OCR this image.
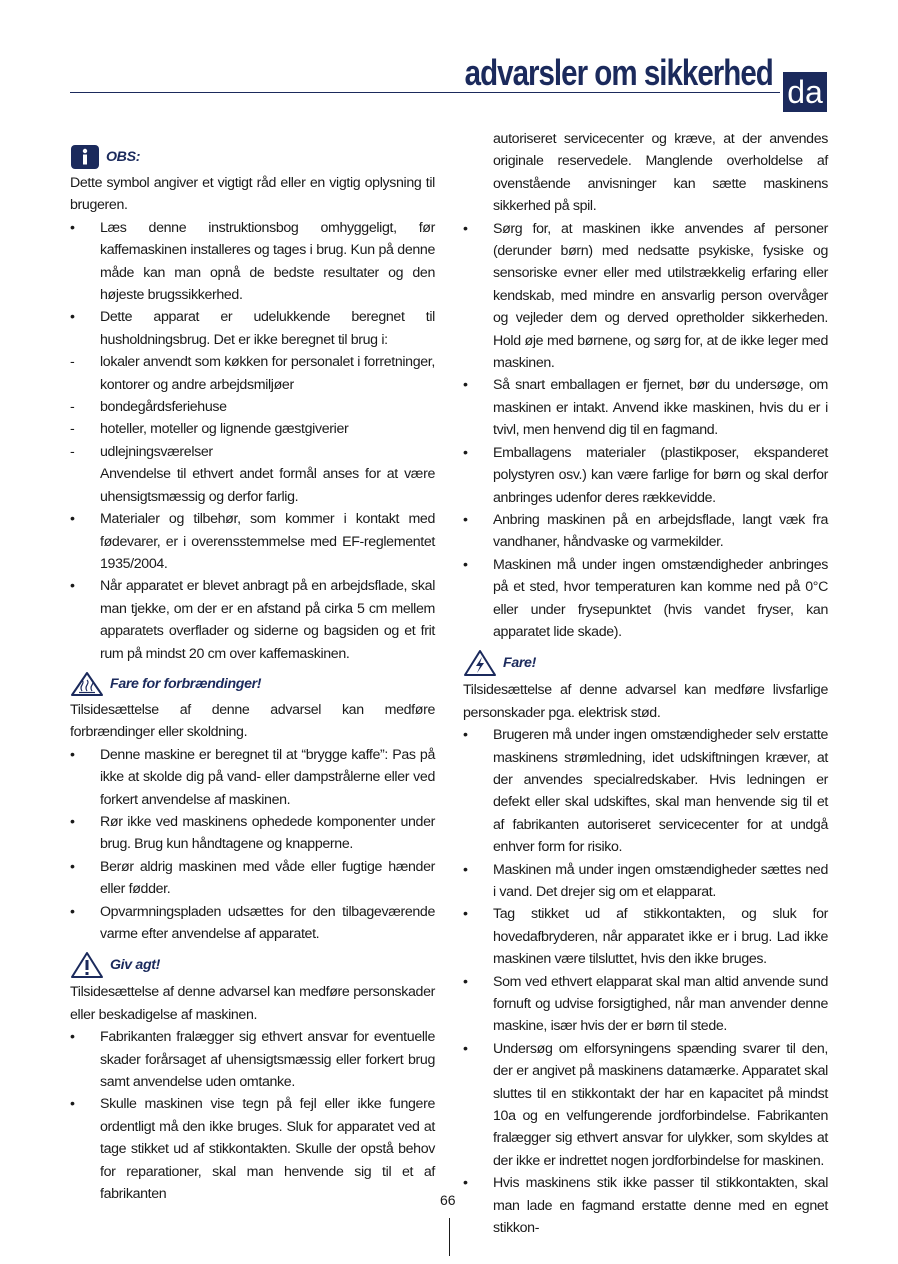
advarsler om sikkerhed da
OBS:

Dette symbol angiver et vigtigt råd eller en vigtig oplysning til brugeren.

•	Læs denne instruktionsbog omhyggeligt, før kaffemaskinen installeres og tages i brug. Kun på denne måde kan man opnå de bedste resultater og den højeste brugssikkerhed.
•	Dette apparat er udelukkende beregnet til husholdningsbrug. Det er ikke beregnet til brug i:
-	lokaler anvendt som køkken for personalet i forretninger, kontorer og andre arbejdsmiljøer
-	bondegårdsferiehuse
-	hoteller, moteller og lignende gæstgiverier
-	udlejningsværelser
Anvendelse til ethvert andet formål anses for at være uhensigtsmæssig og derfor farlig.
•	Materialer og tilbehør, som kommer i kontakt med fødevarer, er i overensstemmelse med EF-reglementet 1935/2004.
•	Når apparatet er blevet anbragt på en arbejdsflade, skal man tjekke, om der er en afstand på cirka 5 cm mellem apparatets overflader og siderne og bagsiden og et frit rum på mindst 20 cm over kaffemaskinen.
Fare for forbrændinger!

Tilsidesættelse af denne advarsel kan medføre forbrændinger eller skoldning.

•	Denne maskine er beregnet til at “brygge kaffe”: Pas på ikke at skolde dig på vand- eller dampstrålerne eller ved forkert anvendelse af maskinen.
•	Rør ikke ved maskinens ophedede komponenter under brug. Brug kun håndtagene og knapperne.
•	Berør aldrig maskinen med våde eller fugtige hænder eller fødder.
•	Opvarmningspladen udsættes for den tilbageværende varme efter anvendelse af apparatet.
Giv agt!

Tilsidesættelse af denne advarsel kan medføre personskader eller beskadigelse af maskinen.

•	Fabrikanten fralægger sig ethvert ansvar for eventuelle skader forårsaget af uhensigtsmæssig eller forkert brug samt anvendelse uden omtanke.
•	Skulle maskinen vise tegn på fejl eller ikke fungere ordentligt må den ikke bruges. Sluk for apparatet ved at tage stikket ud af stikkontakten. Skulle der opstå behov for reparationer, skal man henvende sig til et af fabrikanten

autoriseret servicecenter og kræve, at der anvendes originale reservedele. Manglende overholdelse af ovenstående anvisninger kan sætte maskinens sikkerhed på spil.

•	Sørg for, at maskinen ikke anvendes af personer (derunder børn) med nedsatte psykiske, fysiske og sensoriske evner eller med utilstrækkelig erfaring eller kendskab, med mindre en ansvarlig person overvåger og vejleder dem og derved opretholder sikkerheden. Hold øje med børnene, og sørg for, at de ikke leger med maskinen.
•	Så snart emballagen er fjernet, bør du undersøge, om maskinen er intakt. Anvend ikke maskinen, hvis du er i tvivl, men henvend dig til en fagmand.
•	Emballagens materialer (plastikposer, ekspanderet polystyren osv.) kan være farlige for børn og skal derfor anbringes udenfor deres rækkevidde.
•	Anbring maskinen på en arbejdsflade, langt væk fra vandhaner, håndvaske og varmekilder.
•	Maskinen må under ingen omstændigheder anbringes på et sted, hvor temperaturen kan komme ned på 0°C eller under frysepunktet (hvis vandet fryser, kan apparatet lide skade).
Fare!

Tilsidesættelse af denne advarsel kan medføre livsfarlige personskader pga. elektrisk stød.

•	Brugeren må under ingen omstændigheder selv erstatte maskinens strømledning, idet udskiftningen kræver, at der anvendes specialredskaber. Hvis ledningen er defekt eller skal udskiftes, skal man henvende sig til et af fabrikanten autoriseret servicecenter for at undgå enhver form for risiko.
•	Maskinen må under ingen omstændigheder sættes ned i vand. Det drejer sig om et elapparat.
•	Tag stikket ud af stikkontakten, og sluk for hovedafbryderen, når apparatet ikke er i brug. Lad ikke maskinen være tilsluttet, hvis den ikke bruges.
•	Som ved ethvert elapparat skal man altid anvende sund fornuft og udvise forsigtighed, når man anvender denne maskine, især hvis der er børn til stede.
•	Undersøg om elforsyningens spænding svarer til den, der er angivet på maskinens datamærke. Apparatet skal sluttes til en stikkontakt der har en kapacitet på mindst 10a og en velfungerende jordforbindelse. Fabrikanten fralægger sig ethvert ansvar for ulykker, som skyldes at der ikke er indrettet nogen jordforbindelse for maskinen.
•	Hvis maskinens stik ikke passer til stikkontakten, skal man lade en fagmand erstatte denne med en egnet stikkon-
66
